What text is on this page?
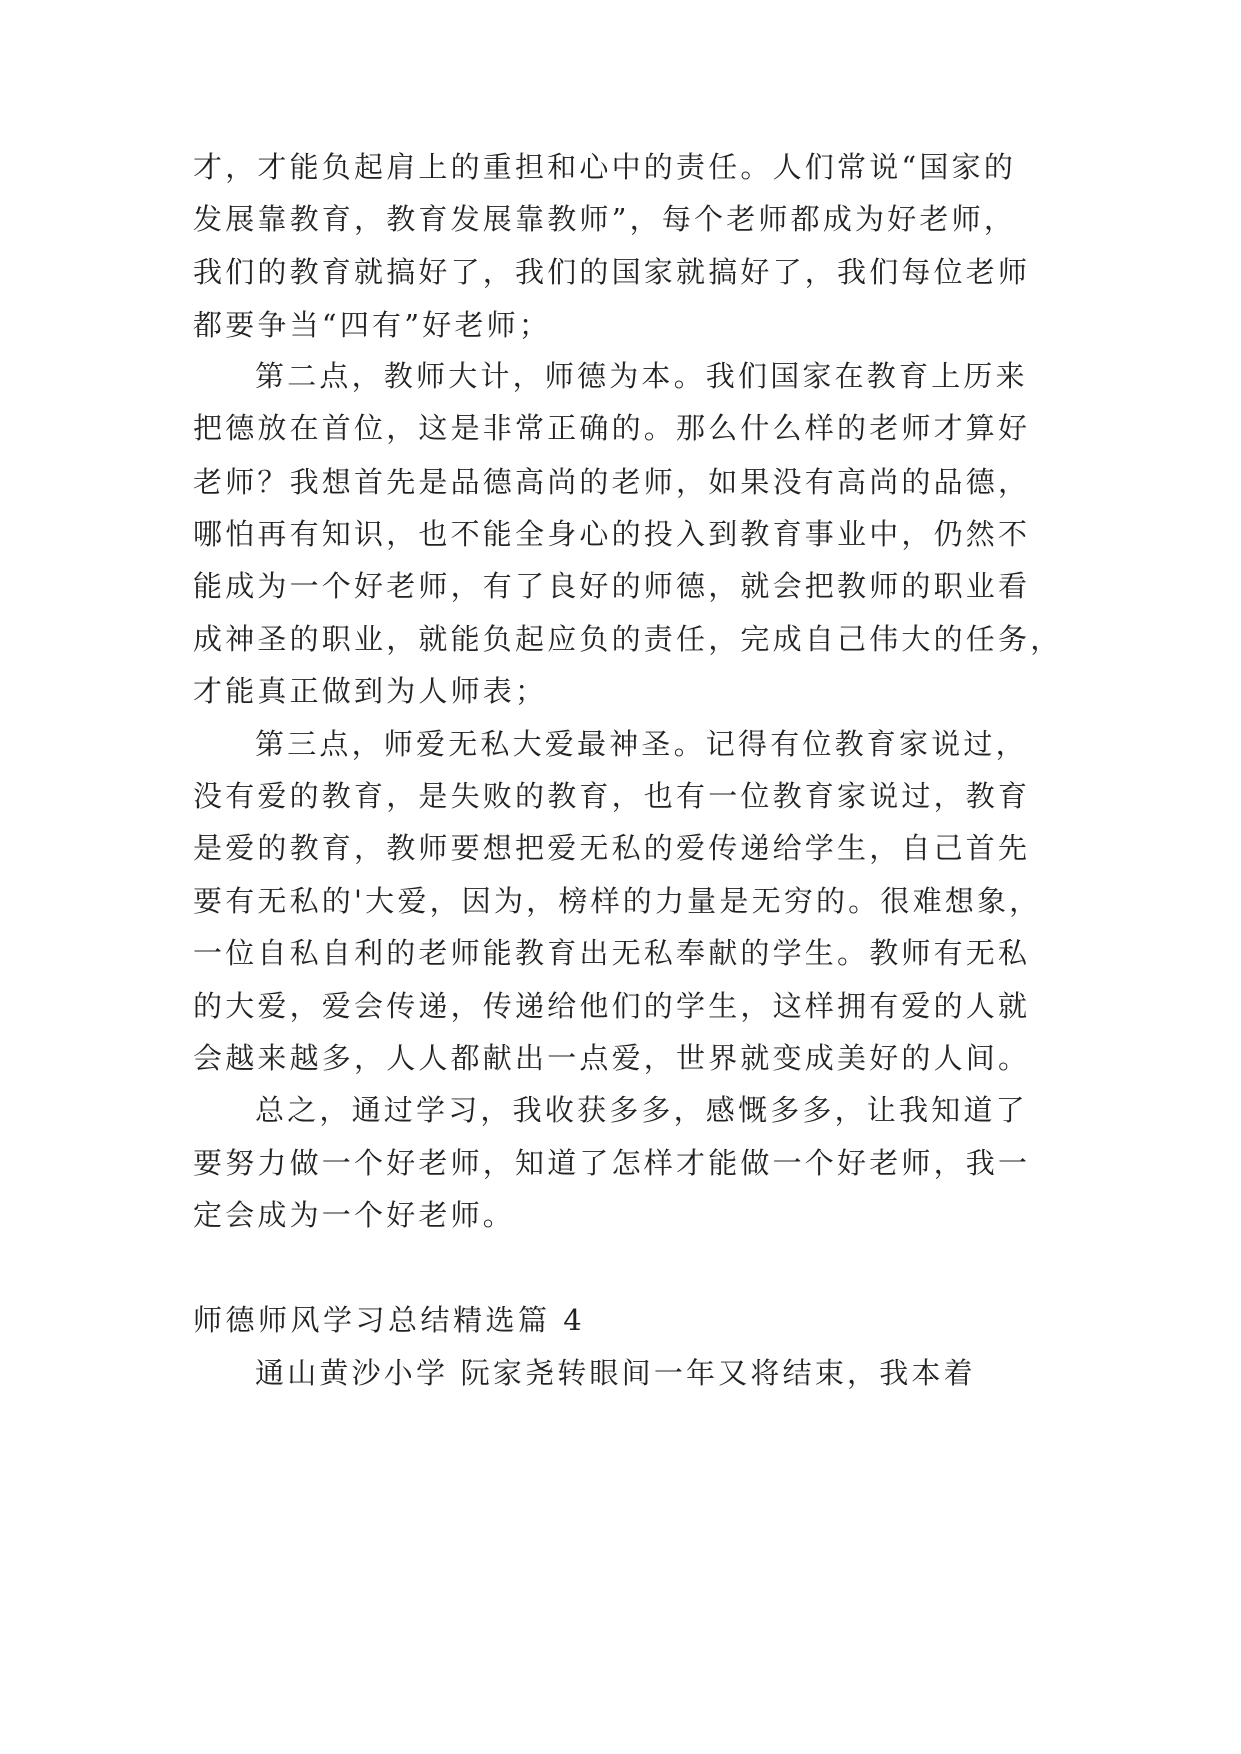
才，才能负起肩上的重担和心中的责任。人们常说“国家的
发展靠教育，教育发展靠教师”，每个老师都成为好老师，
我们的教育就搞好了，我们的国家就搞好了，我们每位老师
都要争当“四有”好老师；
第二点，教师大计，师德为本。我们国家在教育上历来
把德放在首位，这是非常正确的。那么什么样的老师才算好
老师？我想首先是品德高尚的老师，如果没有高尚的品德，
哪怕再有知识，也不能全身心的投入到教育事业中，仍然不
能成为一个好老师，有了良好的师德，就会把教师的职业看
成神圣的职业，就能负起应负的责任，完成自己伟大的任务，
才能真正做到为人师表；
第三点，师爱无私大爱最神圣。记得有位教育家说过，
没有爱的教育，是失败的教育，也有一位教育家说过，教育
是爱的教育，教师要想把爱无私的爱传递给学生，自己首先
要有无私的'大爱，因为，榜样的力量是无穷的。很难想象，
一位自私自利的老师能教育出无私奉献的学生。教师有无私
的大爱，爱会传递，传递给他们的学生，这样拥有爱的人就
会越来越多，人人都献出一点爱，世界就变成美好的人间。
总之，通过学习，我收获多多，感慨多多，让我知道了
要努力做一个好老师，知道了怎样才能做一个好老师，我一
定会成为一个好老师。
师德师风学习总结精选篇 4
通山黄沙小学 阮家尧转眼间一年又将结束，我本着
